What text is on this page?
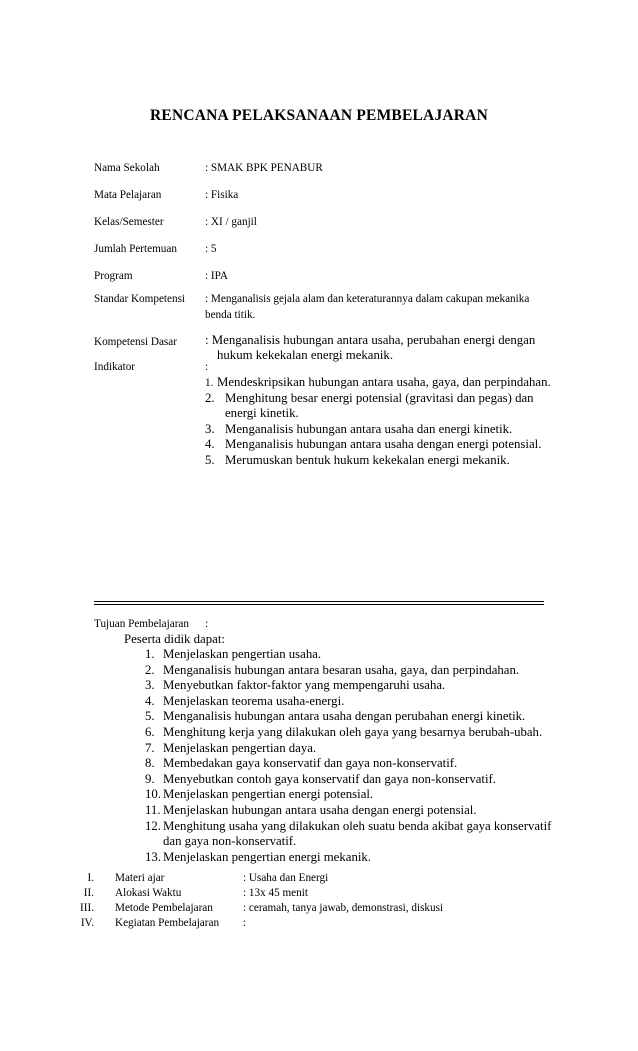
RENCANA PELAKSANAAN PEMBELAJARAN
Nama Sekolah	: SMAK BPK PENABUR
Mata Pelajaran	: Fisika
Kelas/Semester	: XI / ganjil
Jumlah Pertemuan	: 5
Program	: IPA
Standar Kompetensi : Menganalisis gejala alam dan keteraturannya dalam cakupan mekanika
benda titik.
Kompetensi Dasar : Menganalisis hubungan antara usaha, perubahan energi dengan
hukum kekekalan energi mekanik.
Indikator	:
1. Mendeskripsikan hubungan antara usaha, gaya, dan perpindahan.
2. Menghitung besar energi potensial (gravitasi dan pegas) dan
energi kinetik.
3. Menganalisis hubungan antara usaha dan energi kinetik.
4. Menganalisis hubungan antara usaha dengan energi potensial.
5. Merumuskan bentuk hukum kekekalan energi mekanik.
Tujuan Pembelajaran :
Peserta didik dapat:
1. Menjelaskan pengertian usaha.
2. Menganalisis hubungan antara besaran usaha, gaya, dan perpindahan.
3. Menyebutkan faktor-faktor yang mempengaruhi usaha.
4. Menjelaskan teorema usaha-energi.
5. Menganalisis hubungan antara usaha dengan perubahan energi kinetik.
6. Menghitung kerja yang dilakukan oleh gaya yang besarnya berubah-ubah.
7. Menjelaskan pengertian daya.
8. Membedakan gaya konservatif dan gaya non-konservatif.
9. Menyebutkan contoh gaya konservatif dan gaya non-konservatif.
10. Menjelaskan pengertian energi potensial.
11. Menjelaskan hubungan antara usaha dengan energi potensial.
12. Menghitung usaha yang dilakukan oleh suatu benda akibat gaya konservatif
dan gaya non-konservatif.
13. Menjelaskan pengertian energi mekanik.
I. Materi ajar	: Usaha dan Energi
II. Alokasi Waktu	: 13x 45 menit
III. Metode Pembelajaran	: ceramah, tanya jawab, demonstrasi, diskusi
IV. Kegiatan Pembelajaran :
